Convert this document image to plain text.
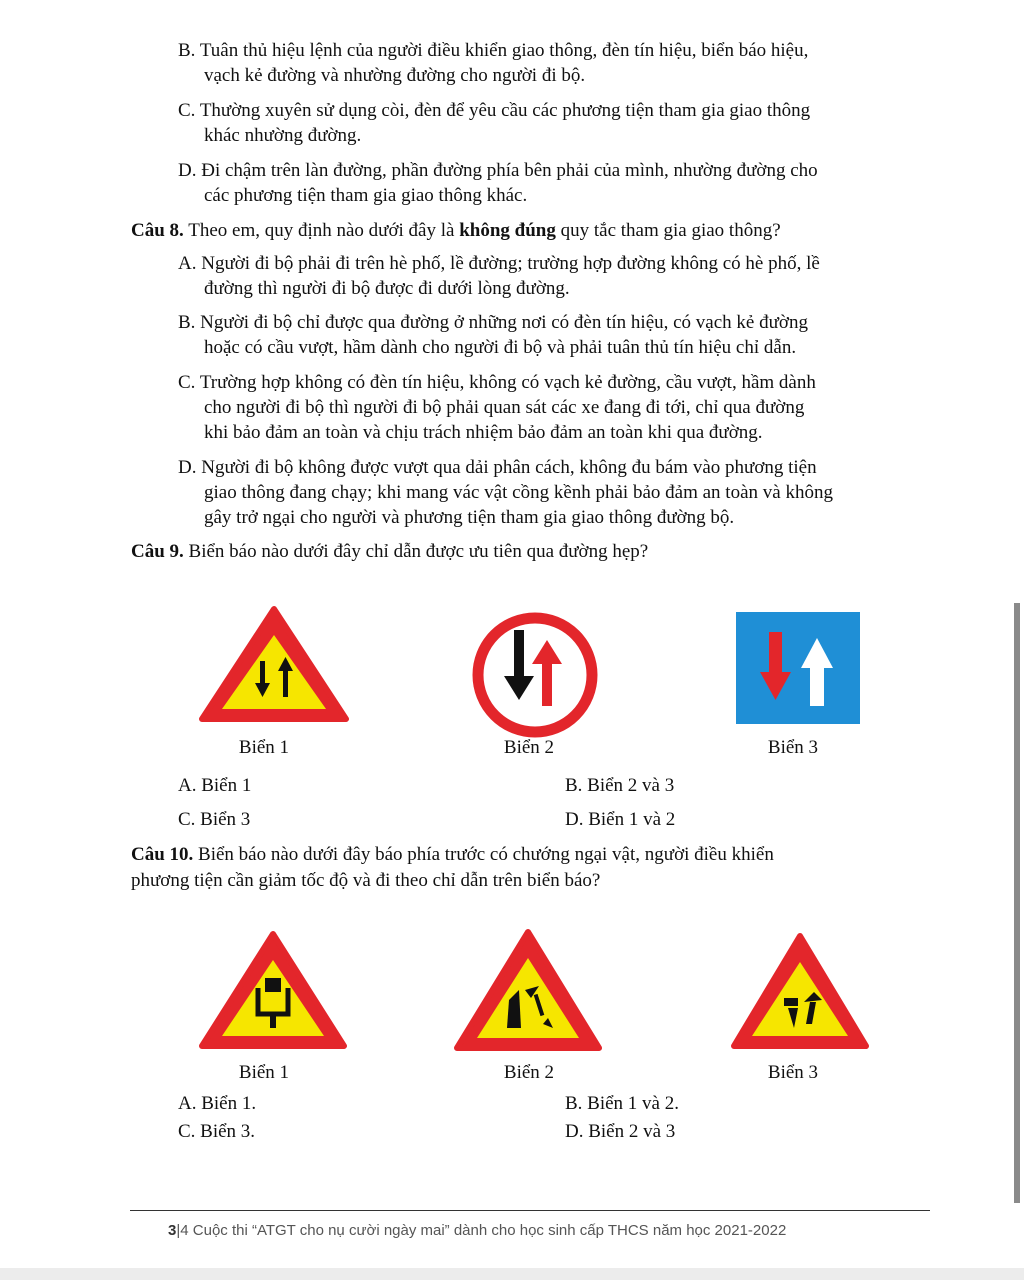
B. Tuân thủ hiệu lệnh của người điều khiển giao thông, đèn tín hiệu, biển báo hiệu,
vạch kẻ đường và nhường đường cho người đi bộ.
C. Thường xuyên sử dụng còi, đèn để yêu cầu các phương tiện tham gia giao thông
khác nhường đường.
D. Đi chậm trên làn đường, phần đường phía bên phải của mình, nhường đường cho
các phương tiện tham gia giao thông khác.
Câu 8. Theo em, quy định nào dưới đây là không đúng quy tắc tham gia giao thông?
A. Người đi bộ phải đi trên hè phố, lề đường; trường hợp đường không có hè phố, lề
đường thì người đi bộ được đi dưới lòng đường.
B. Người đi bộ chỉ được qua đường ở những nơi có đèn tín hiệu, có vạch kẻ đường
hoặc có cầu vượt, hầm dành cho người đi bộ và phải tuân thủ tín hiệu chỉ dẫn.
C. Trường hợp không có đèn tín hiệu, không có vạch kẻ đường, cầu vượt, hầm dành
cho người đi bộ thì người đi bộ phải quan sát các xe đang đi tới, chỉ qua đường
khi bảo đảm an toàn và chịu trách nhiệm bảo đảm an toàn khi qua đường.
D. Người đi bộ không được vượt qua dải phân cách, không đu bám vào phương tiện
giao thông đang chạy; khi mang vác vật cồng kềnh phải bảo đảm an toàn và không
gây trở ngại cho người và phương tiện tham gia giao thông đường bộ.
Câu 9. Biển báo nào dưới đây chỉ dẫn được ưu tiên qua đường hẹp?
Biển 1	Biển 2	Biển 3
A. Biển 1	B. Biển 2 và 3
C. Biển 3	D. Biển 1 và 2
Câu 10. Biển báo nào dưới đây báo phía trước có chướng ngại vật, người điều khiển
phương tiện cần giảm tốc độ và đi theo chỉ dẫn trên biển báo?
Biển 1	Biển 2	Biển 3
A. Biển 1.	B. Biển 1 và 2.
C. Biển 3.	D. Biển 2 và 3
3|4 Cuộc thi “ATGT cho nụ cười ngày mai” dành cho học sinh cấp THCS năm học 2021-2022
